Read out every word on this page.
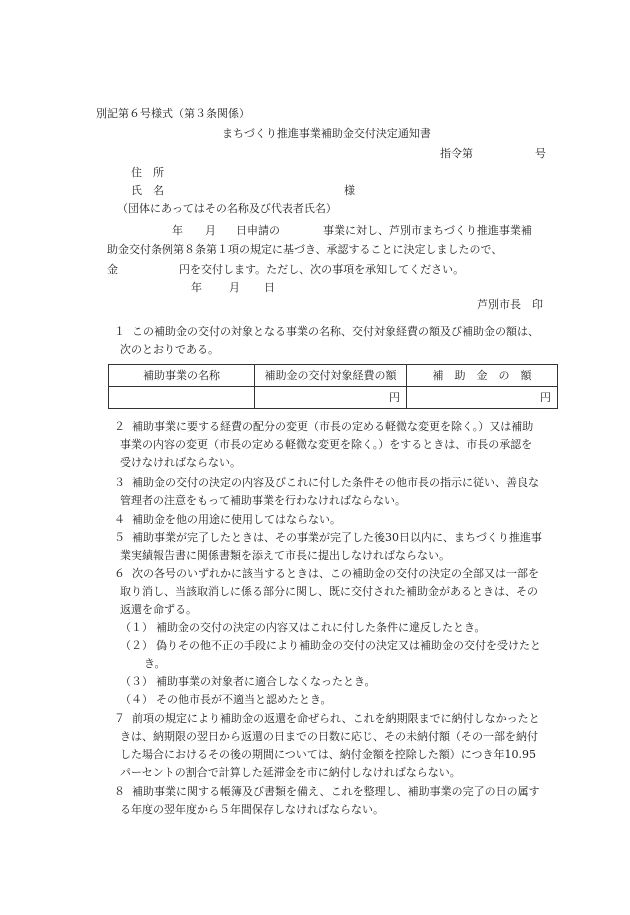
別記第６号様式（第３条関係）
まちづくり推進事業補助金交付決定通知書
指令第	号
住　所
氏　名	様
（団体にあってはその名称及び代表者氏名）
年 月 日申請の	事業に対し、芦別市まちづくり推進事業補
助金交付条例第８条第１項の規定に基づき、承認することに決定しましたので、
金	円を交付します。ただし、次の事項を承知してください。
年 月 日
芦別市長　印
１ この補助金の交付の対象となる事業の名称、交付対象経費の額及び補助金の額は、
次のとおりである。
補助事業の名称	補助金の交付対象経費の額	補　助　金　の　額
	円	円
２ 補助事業に要する経費の配分の変更（市長の定める軽微な変更を除く。）又は補助
事業の内容の変更（市長の定める軽微な変更を除く。）をするときは、市長の承認を
受けなければならない。
３ 補助金の交付の決定の内容及びこれに付した条件その他市長の指示に従い、善良な
管理者の注意をもって補助事業を行わなければならない。
４ 補助金を他の用途に使用してはならない。
５ 補助事業が完了したときは、その事業が完了した後30日以内に、まちづくり推進事
業実績報告書に関係書類を添えて市長に提出しなければならない。
６ 次の各号のいずれかに該当するときは、この補助金の交付の決定の全部又は一部を
取り消し、当該取消しに係る部分に関し、既に交付された補助金があるときは、その
返還を命ずる。
（１） 補助金の交付の決定の内容又はこれに付した条件に違反したとき。
（２） 偽りその他不正の手段により補助金の交付の決定又は補助金の交付を受けたと
き。
（３） 補助事業の対象者に適合しなくなったとき。
（４） その他市長が不適当と認めたとき。
７ 前項の規定により補助金の返還を命ぜられ、これを納期限までに納付しなかったと
きは、納期限の翌日から返還の日までの日数に応じ、その未納付額（その一部を納付
した場合におけるその後の期間については、納付金額を控除した額）につき年10.95
パーセントの割合で計算した延滞金を市に納付しなければならない。
８ 補助事業に関する帳簿及び書類を備え、これを整理し、補助事業の完了の日の属す
る年度の翌年度から５年間保存しなければならない。
